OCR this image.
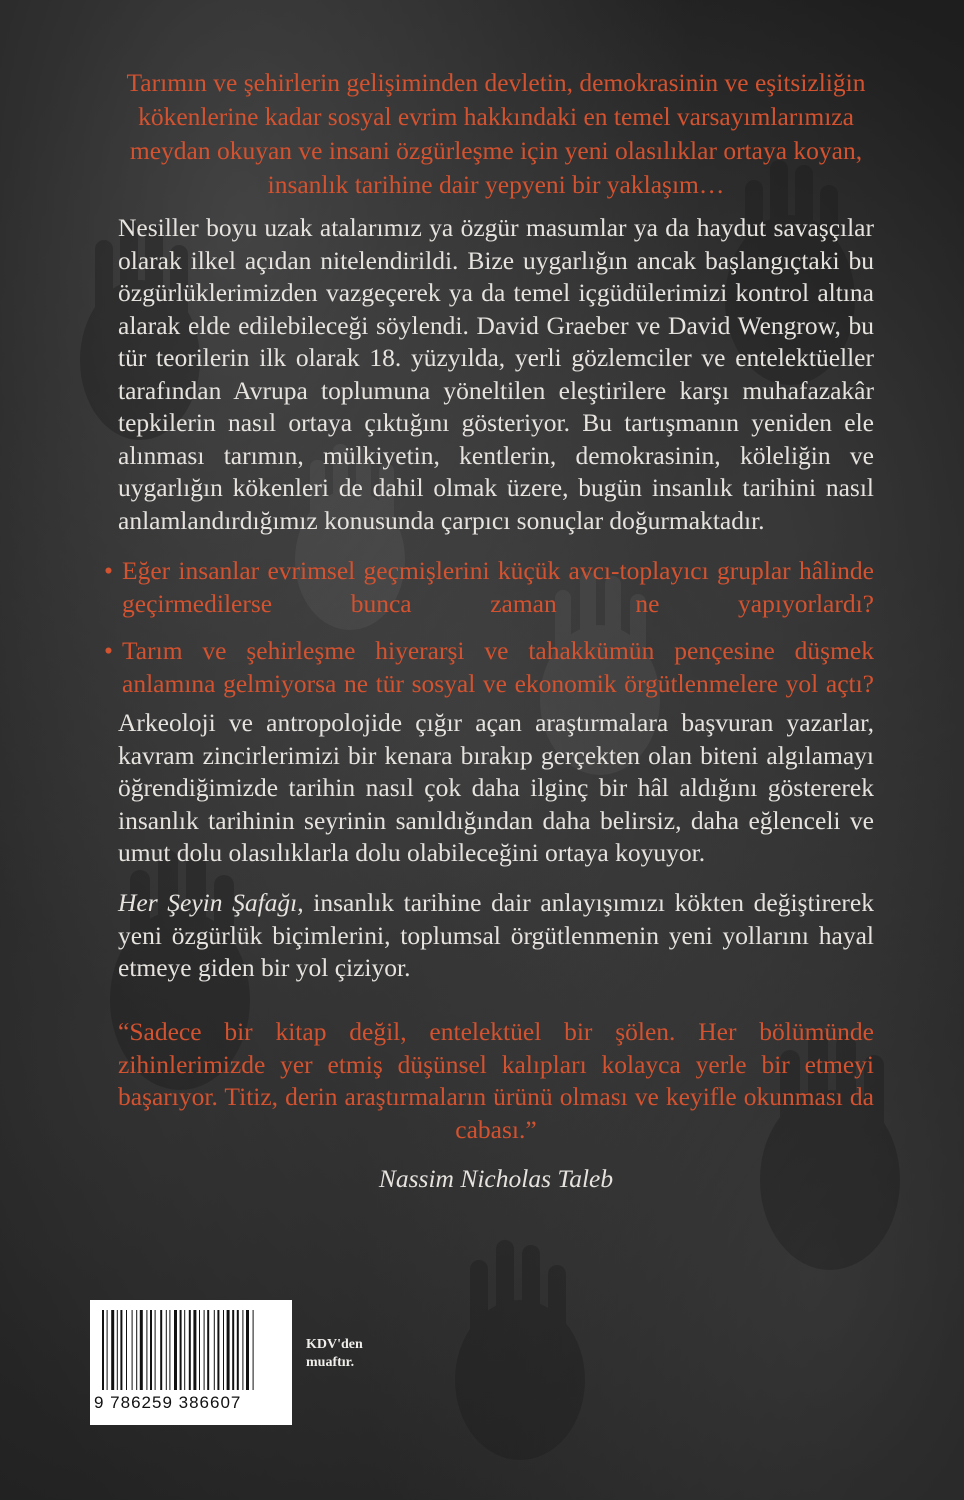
Tarımın ve şehirlerin gelişiminden devletin, demokrasinin ve eşitsizliğin kökenlerine kadar sosyal evrim hakkındaki en temel varsayımlarımıza meydan okuyan ve insani özgürleşme için yeni olasılıklar ortaya koyan, insanlık tarihine dair yepyeni bir yaklaşım…
Nesiller boyu uzak atalarımız ya özgür masumlar ya da haydut savaşçılar olarak ilkel açıdan nitelendirildi. Bize uygarlığın ancak başlangıçtaki bu özgürlüklerimizden vazgeçerek ya da temel içgüdülerimizi kontrol altına alarak elde edilebileceği söylendi. David Graeber ve David Wengrow, bu tür teorilerin ilk olarak 18. yüzyılda, yerli gözlemciler ve entelektüeller tarafından Avrupa toplumuna yöneltilen eleştirilere karşı muhafazakâr tepkilerin nasıl ortaya çıktığını gösteriyor. Bu tartışmanın yeniden ele alınması tarımın, mülkiyetin, kentlerin, demokrasinin, köleliğin ve uygarlığın kökenleri de dahil olmak üzere, bugün insanlık tarihini nasıl anlamlandırdığımız konusunda çarpıcı sonuçlar doğurmaktadır.
• Eğer insanlar evrimsel geçmişlerini küçük avcı-toplayıcı gruplar hâlinde geçirmedilerse bunca zaman ne yapıyorlardı?
• Tarım ve şehirleşme hiyerarşi ve tahakkümün pençesine düşmek anlamına gelmiyorsa ne tür sosyal ve ekonomik örgütlenmelere yol açtı?
Arkeoloji ve antropolojide çığır açan araştırmalara başvuran yazarlar, kavram zincirlerimizi bir kenara bırakıp gerçekten olan biteni algılamayı öğrendiğimizde tarihin nasıl çok daha ilginç bir hâl aldığını göstererek insanlık tarihinin seyrinin sanıldığından daha belirsiz, daha eğlenceli ve umut dolu olasılıklarla dolu olabileceğini ortaya koyuyor.
Her Şeyin Şafağı, insanlık tarihine dair anlayışımızı kökten değiştirerek yeni özgürlük biçimlerini, toplumsal örgütlenmenin yeni yollarını hayal etmeye giden bir yol çiziyor.
“Sadece bir kitap değil, entelektüel bir şölen. Her bölümünde zihinlerimizde yer etmiş düşünsel kalıpları kolayca yerle bir etmeyi başarıyor. Titiz, derin araştırmaların ürünü olması ve keyifle okunması da cabası.”
Nassim Nicholas Taleb
9 786259 386607
KDV'den muaftır.
